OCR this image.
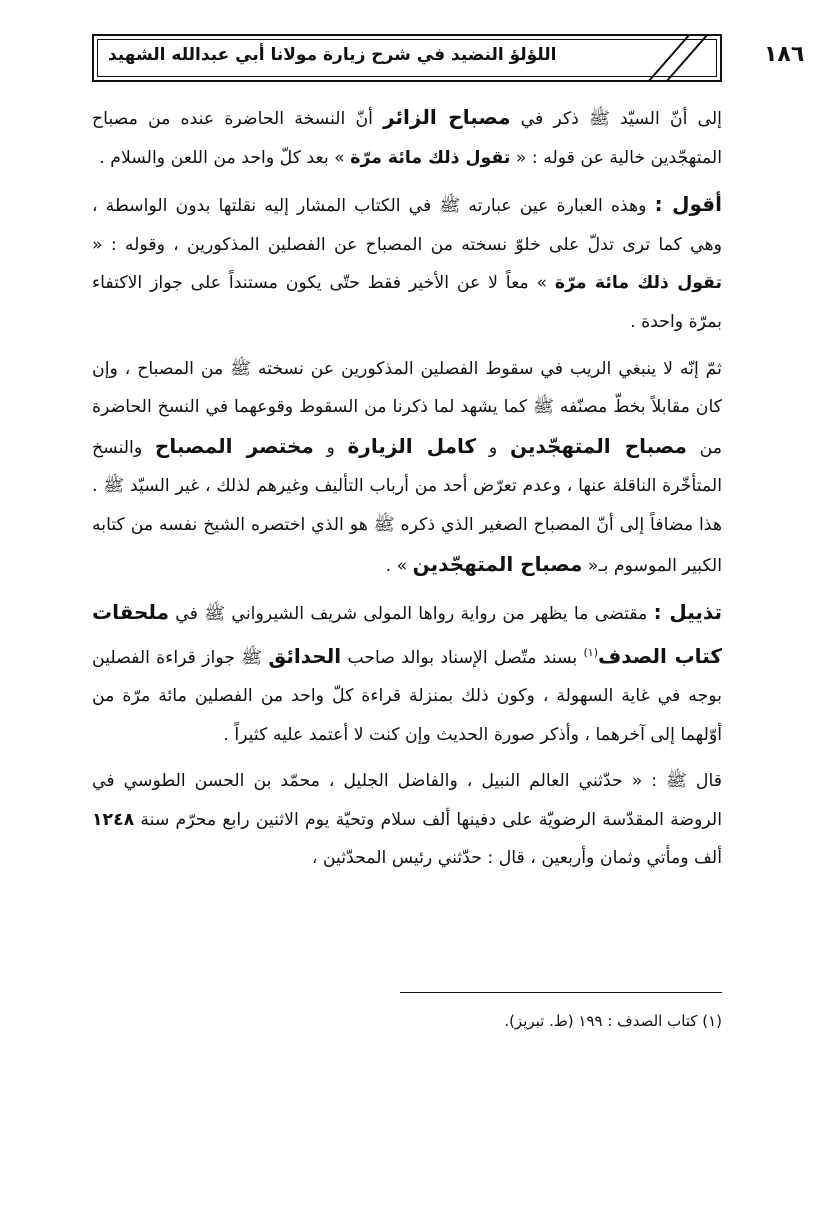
اللؤلؤ النضيد في شرح زيارة مولانا أبي عبدالله الشهيد	١٨٦

إلى أنّ السيّد ﷺ ذكر في مصباح الزائر أنّ النسخة الحاضرة عنده من مصباح المتهجّدين خالية عن قوله : « تقول ذلك مائة مرّة » بعد كلّ واحد من اللعن والسلام .

أقول : وهذه العبارة عين عبارته ﷺ في الكتاب المشار إليه نقلتها بدون الواسطة ، وهي كما ترى تدلّ على خلوّ نسخته من المصباح عن الفصلين المذكورين ، وقوله : « تقول ذلك مائة مرّة » معاً لا عن الأخير فقط حتّى يكون مستنداً على جواز الاكتفاء بمرّة واحدة .

ثمّ إنّه لا ينبغي الريب في سقوط الفصلين المذكورين عن نسخته ﷺ من المصباح ، وإن كان مقابلاً بخطّ مصنّفه ﷺ كما يشهد لما ذكرنا من السقوط وقوعهما في النسخ الحاضرة من مصباح المتهجّدين و كامل الزيارة و مختصر المصباح والنسخ المتأخّرة الناقلة عنها ، وعدم تعرّض أحد من أرباب التأليف وغيرهم لذلك ، غير السيّد ﷺ . هذا مضافاً إلى أنّ المصباح الصغير الذي ذكره ﷺ هو الذي اختصره الشيخ نفسه من كتابه الكبير الموسوم بـ« مصباح المتهجّدين » .

تذييل : مقتضى ما يظهر من رواية رواها المولى شريف الشيرواني ﷺ في ملحقات كتاب الصدف$^{(١)}$ بسند متّصل الإسناد بوالد صاحب الحدائق ﷺ جواز قراءة الفصلين بوجه في غاية السهولة ، وكون ذلك بمنزلة قراءة كلّ واحد من الفصلين مائة مرّة من أوّلهما إلى آخرهما ، وأذكر صورة الحديث وإن كنت لا أعتمد عليه كثيراً .

قال ﷺ : « حدّثني العالم النبيل ، والفاضل الجليل ، محمّد بن الحسن الطوسي في الروضة المقدّسة الرضويّة على دفينها ألف سلام وتحيّة يوم الاثنين رابع محرّم سنة ١٢٤٨ ألف ومأتي وثمان وأربعين ، قال : حدّثني رئيس المحدّثين ،

(١) كتاب الصدف : ١٩٩ (ط. تبريز).
